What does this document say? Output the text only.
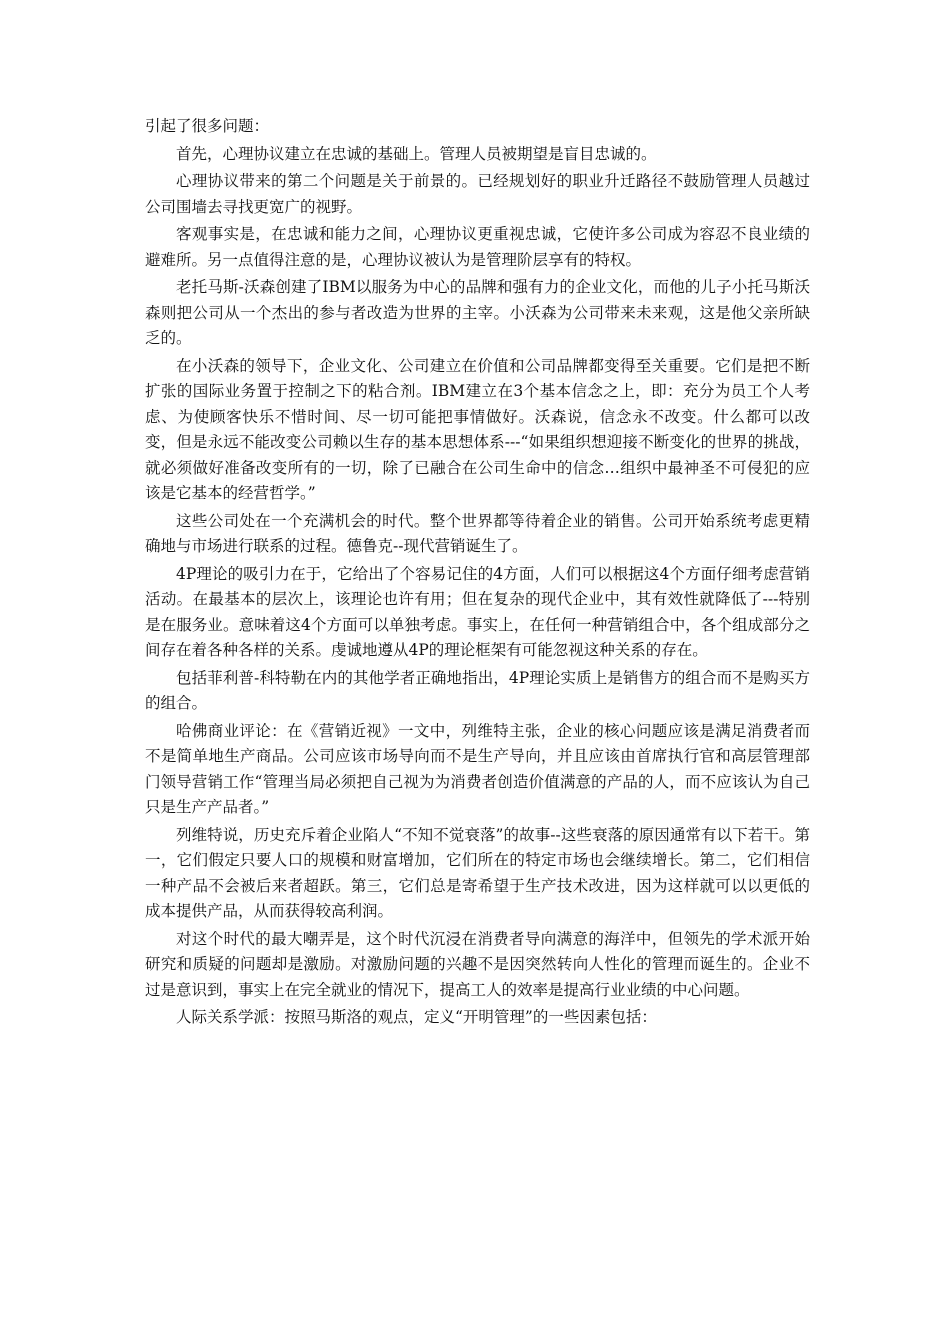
引起了很多问题：

首先，心理协议建立在忠诚的基础上。管理人员被期望是盲目忠诚的。

心理协议带来的第二个问题是关于前景的。已经规划好的职业升迁路径不鼓励管理人员越过公司围墙去寻找更宽广的视野。

客观事实是，在忠诚和能力之间，心理协议更重视忠诚，它使许多公司成为容忍不良业绩的避难所。另一点值得注意的是，心理协议被认为是管理阶层享有的特权。

老托马斯-沃森创建了IBM以服务为中心的品牌和强有力的企业文化，而他的儿子小托马斯沃森则把公司从一个杰出的参与者改造为世界的主宰。小沃森为公司带来未来观，这是他父亲所缺乏的。

在小沃森的领导下，企业文化、公司建立在价值和公司品牌都变得至关重要。它们是把不断扩张的国际业务置于控制之下的粘合剂。IBM建立在3个基本信念之上，即：充分为员工个人考虑、为使顾客快乐不惜时间、尽一切可能把事情做好。沃森说，信念永不改变。什么都可以改变，但是永远不能改变公司赖以生存的基本思想体系---“如果组织想迎接不断变化的世界的挑战，就必须做好准备改变所有的一切，除了已融合在公司生命中的信念…组织中最神圣不可侵犯的应该是它基本的经营哲学。”

这些公司处在一个充满机会的时代。整个世界都等待着企业的销售。公司开始系统考虑更精确地与市场进行联系的过程。德鲁克--现代营销诞生了。

4P理论的吸引力在于，它给出了个容易记住的4方面，人们可以根据这4个方面仔细考虑营销活动。在最基本的层次上，该理论也许有用；但在复杂的现代企业中，其有效性就降低了---特别是在服务业。意味着这4个方面可以单独考虑。事实上，在任何一种营销组合中，各个组成部分之间存在着各种各样的关系。虔诚地遵从4P的理论框架有可能忽视这种关系的存在。

包括菲利普-科特勒在内的其他学者正确地指出，4P理论实质上是销售方的组合而不是购买方的组合。

哈佛商业评论：在《营销近视》一文中，列维特主张，企业的核心问题应该是满足消费者而不是简单地生产商品。公司应该市场导向而不是生产导向，并且应该由首席执行官和高层管理部门领导营销工作“管理当局必须把自己视为为消费者创造价值满意的产品的人，而不应该认为自己只是生产产品者。”

列维特说，历史充斥着企业陷人“不知不觉衰落”的故事--这些衰落的原因通常有以下若干。第一，它们假定只要人口的规模和财富增加，它们所在的特定市场也会继续增长。第二，它们相信一种产品不会被后来者超跃。第三，它们总是寄希望于生产技术改进，因为这样就可以以更低的成本提供产品，从而获得较高利润。

对这个时代的最大嘲弄是，这个时代沉浸在消费者导向满意的海洋中，但领先的学术派开始研究和质疑的问题却是激励。对激励问题的兴趣不是因突然转向人性化的管理而诞生的。企业不过是意识到，事实上在完全就业的情况下，提高工人的效率是提高行业业绩的中心问题。

人际关系学派：按照马斯洛的观点，定义“开明管理”的一些因素包括：
